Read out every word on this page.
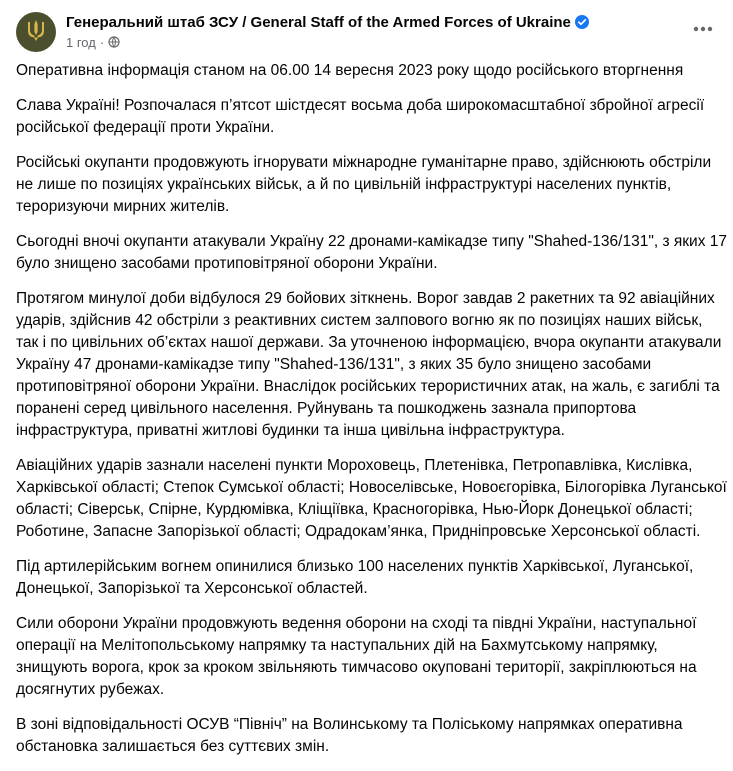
Генеральний штаб ЗСУ / General Staff of the Armed Forces of Ukraine
1 год ·

Оперативна інформація станом на 06.00 14 вересня 2023 року щодо російського вторгнення

Слава Україні! Розпочалася п’ятсот шістдесят восьма доба широкомасштабної збройної агресії російської федерації проти України.

Російські окупанти продовжують ігнорувати міжнародне гуманітарне право, здійснюють обстріли не лише по позиціях українських військ, а й по цивільній інфраструктурі населених пунктів, тероризуючи мирних жителів.

Сьогодні вночі окупанти атакували Україну 22 дронами-камікадзе типу "Shahed-136/131", з яких 17 було знищено засобами протиповітряної оборони України.

Протягом минулої доби відбулося 29 бойових зіткнень. Ворог завдав 2 ракетних та 92 авіаційних ударів, здійснив 42 обстріли з реактивних систем залпового вогню як по позиціях наших військ, так і по цивільних об’єктах нашої держави. За уточненою інформацією, вчора окупанти атакували Україну 47 дронами-камікадзе типу "Shahed-136/131", з яких 35 було знищено засобами протиповітряної оборони України. Внаслідок російських терористичних атак, на жаль, є загиблі та поранені серед цивільного населення. Руйнувань та пошкоджень зазнала припортова інфраструктура, приватні житлові будинки та інша цивільна інфраструктура.

Авіаційних ударів зазнали населені пункти Мороховець, Плетенівка, Петропавлівка, Кислівка, Харківської області; Степок Сумської області; Новоселівське, Новоєгорівка, Білогорівка Луганської області; Сіверськ, Спірне, Курдюмівка, Кліщіївка, Красногорівка, Нью-Йорк Донецької області; Роботине, Запасне Запорізької області; Одрадокам’янка, Придніпровське Херсонської області.

Під артилерійським вогнем опинилися близько 100 населених пунктів Харківської, Луганської, Донецької, Запорізької та Херсонської областей.

Сили оборони України продовжують ведення оборони на сході та півдні України, наступальної операції на Мелітопольському напрямку та наступальних дій на Бахмутському напрямку, знищують ворога, крок за кроком звільняють тимчасово окуповані території, закріплюються на досягнутих рубежах.

В зоні відповідальності ОСУВ “Північ” на Волинському та Поліському напрямках оперативна обстановка залишається без суттєвих змін.
